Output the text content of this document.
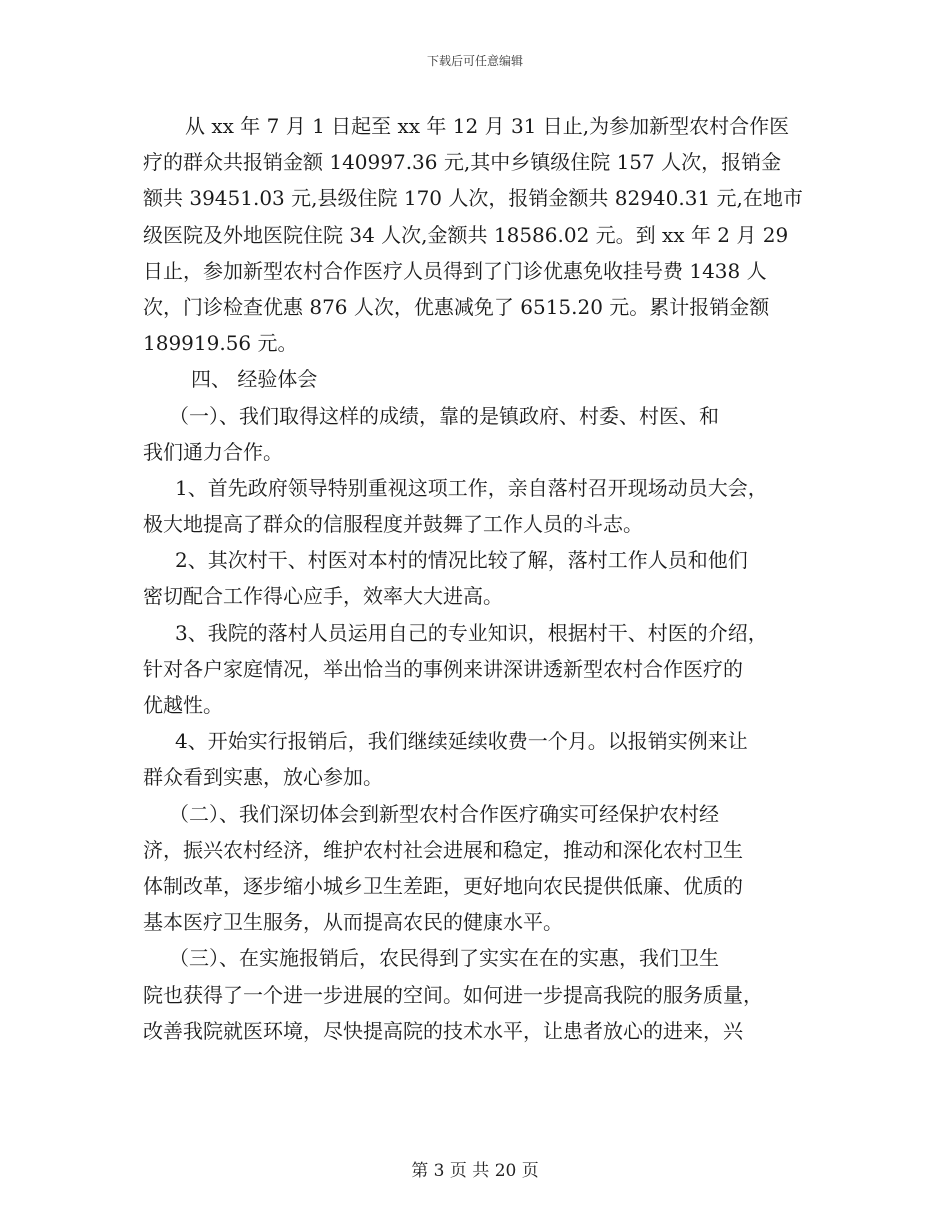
下载后可任意编辑
从 xx 年 7 月 1 日起至 xx 年 12 月 31 日止,为参加新型农村合作医
疗的群众共报销金额 140997.36 元,其中乡镇级住院 157 人次，报销金
额共 39451.03 元,县级住院 170 人次，报销金额共 82940.31 元,在地市
级医院及外地医院住院 34 人次,金额共 18586.02 元。到 xx 年 2 月 29
日止，参加新型农村合作医疗人员得到了门诊优惠免收挂号费 1438 人
次，门诊检查优惠 876 人次，优惠减免了 6515.20 元。累计报销金额
189919.56 元。
四、 经验体会
（一）、我们取得这样的成绩，靠的是镇政府、村委、村医、和
我们通力合作。
1、首先政府领导特别重视这项工作，亲自落村召开现场动员大会，
极大地提高了群众的信服程度并鼓舞了工作人员的斗志。
2、其次村干、村医对本村的情况比较了解，落村工作人员和他们
密切配合工作得心应手，效率大大进高。
3、我院的落村人员运用自己的专业知识，根据村干、村医的介绍，
针对各户家庭情况，举出恰当的事例来讲深讲透新型农村合作医疗的
优越性。
4、开始实行报销后，我们继续延续收费一个月。以报销实例来让
群众看到实惠，放心参加。
（二）、我们深切体会到新型农村合作医疗确实可经保护农村经
济，振兴农村经济，维护农村社会进展和稳定，推动和深化农村卫生
体制改革，逐步缩小城乡卫生差距，更好地向农民提供低廉、优质的
基本医疗卫生服务，从而提高农民的健康水平。
（三）、在实施报销后，农民得到了实实在在的实惠，我们卫生
院也获得了一个进一步进展的空间。如何进一步提高我院的服务质量，
改善我院就医环境，尽快提高院的技术水平，让患者放心的进来，兴
第 3 页 共 20 页
